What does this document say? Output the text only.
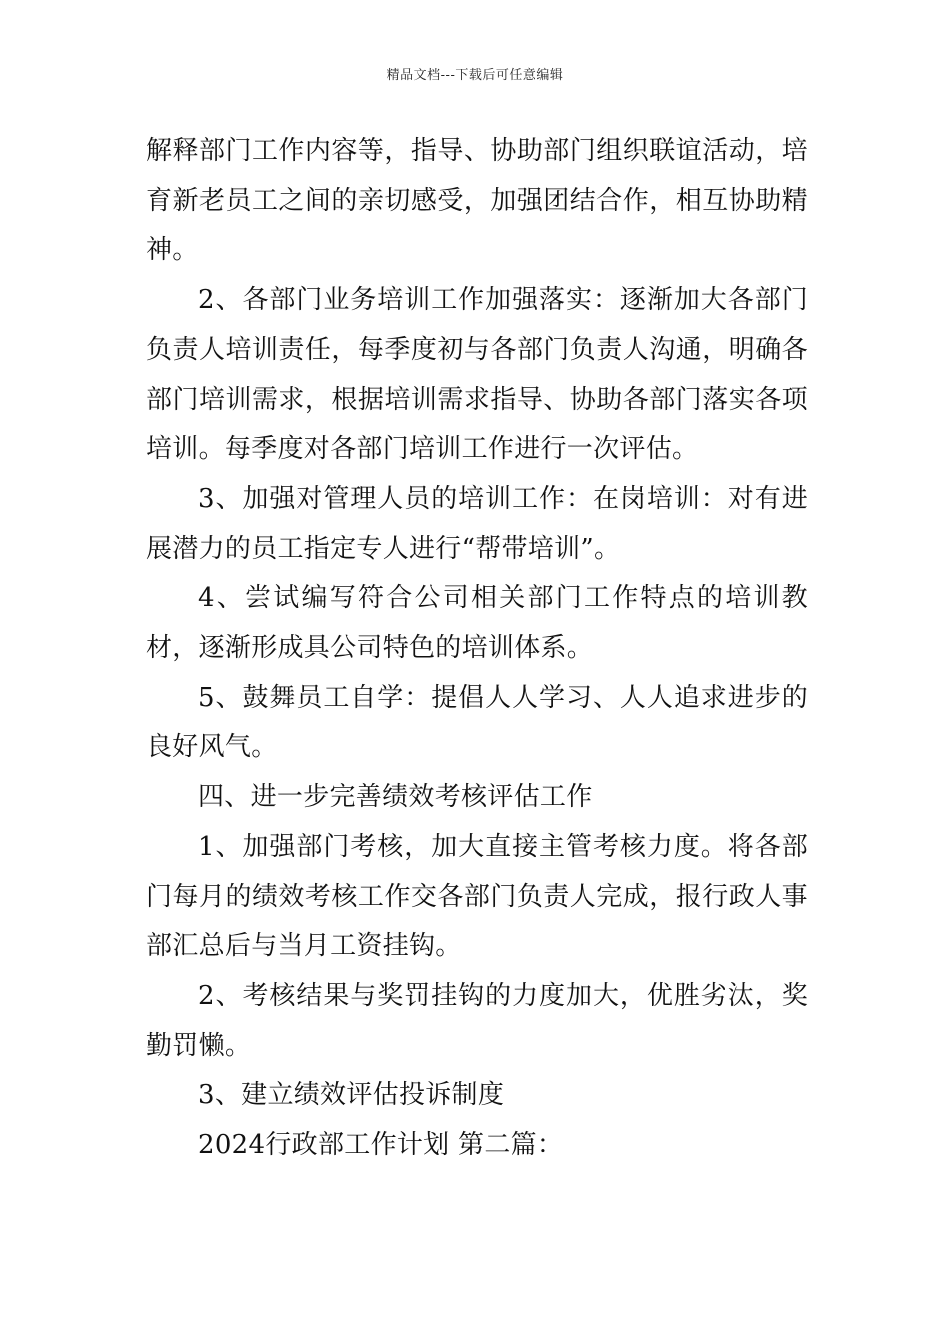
精品文档---下载后可任意编辑

解释部门工作内容等，指导、协助部门组织联谊活动，培育新老员工之间的亲切感受，加强团结合作，相互协助精神。

2、各部门业务培训工作加强落实：逐渐加大各部门负责人培训责任，每季度初与各部门负责人沟通，明确各部门培训需求，根据培训需求指导、协助各部门落实各项培训。每季度对各部门培训工作进行一次评估。

3、加强对管理人员的培训工作：在岗培训：对有进展潜力的员工指定专人进行“帮带培训”。

4、尝试编写符合公司相关部门工作特点的培训教材，逐渐形成具公司特色的培训体系。

5、鼓舞员工自学：提倡人人学习、人人追求进步的良好风气。

四、进一步完善绩效考核评估工作

1、加强部门考核，加大直接主管考核力度。将各部门每月的绩效考核工作交各部门负责人完成，报行政人事部汇总后与当月工资挂钩。

2、考核结果与奖罚挂钩的力度加大，优胜劣汰，奖勤罚懒。

3、建立绩效评估投诉制度

2024行政部工作计划 第二篇：
